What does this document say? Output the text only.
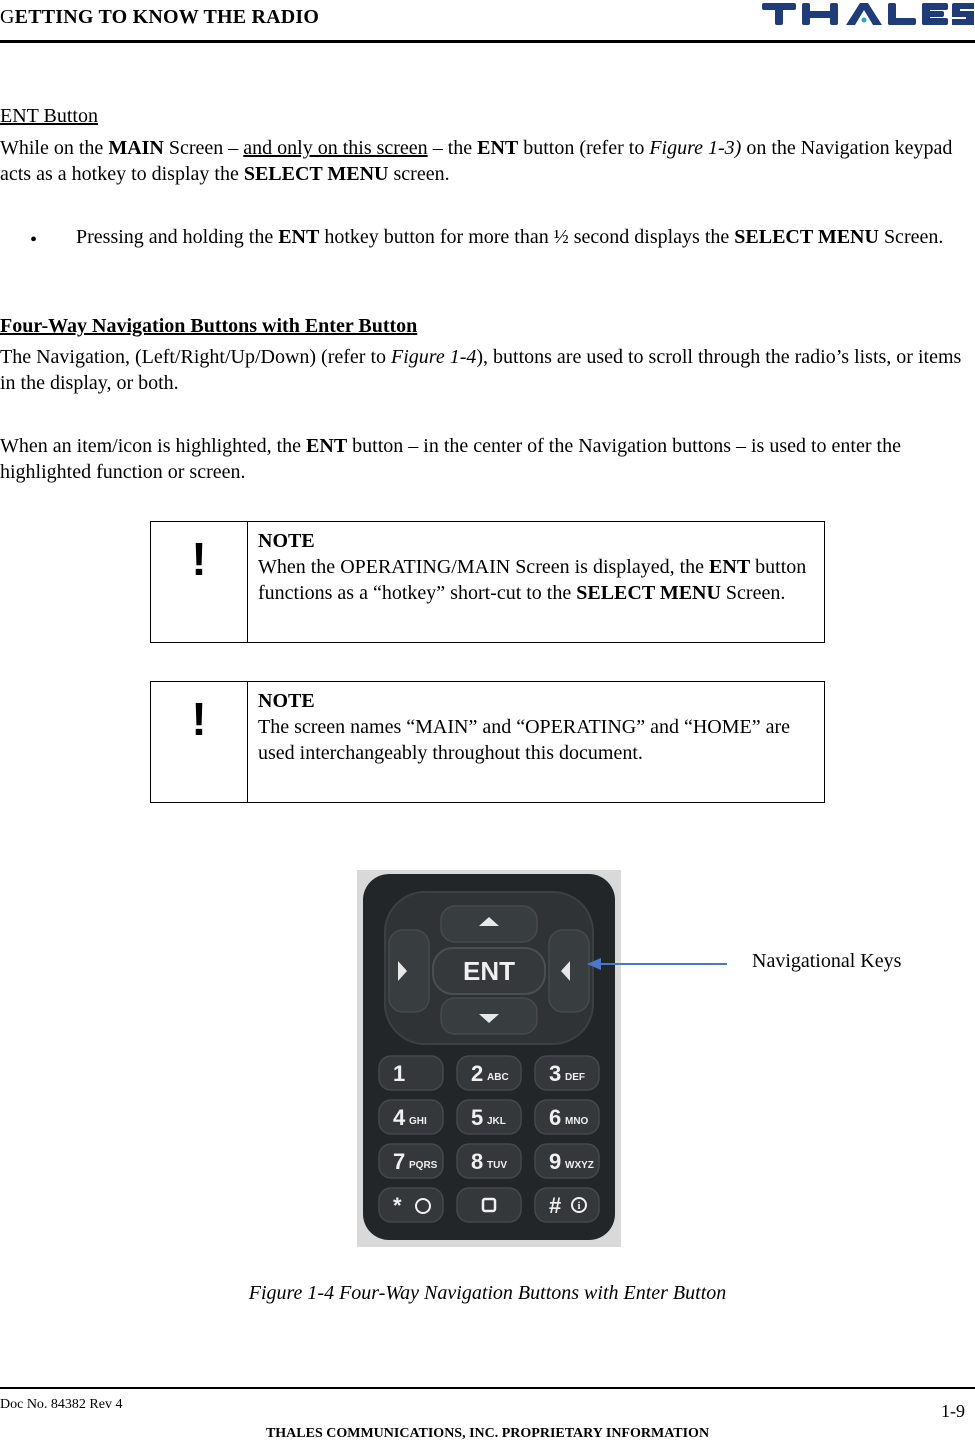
GETTING TO KNOW THE RADIO
ENT Button
While on the MAIN Screen – and only on this screen – the ENT button (refer to Figure 1-3) on the Navigation keypad acts as a hotkey to display the SELECT MENU screen.
• Pressing and holding the ENT hotkey button for more than ½ second displays the SELECT MENU Screen.
Four-Way Navigation Buttons with Enter Button
The Navigation, (Left/Right/Up/Down) (refer to Figure 1-4), buttons are used to scroll through the radio’s lists, or items in the display, or both.
When an item/icon is highlighted, the ENT button – in the center of the Navigation buttons – is used to enter the highlighted function or screen.
!	NOTE
When the OPERATING/MAIN Screen is displayed, the ENT button functions as a “hotkey” short-cut to the SELECT MENU Screen.
!	NOTE
The screen names “MAIN” and “OPERATING” and “HOME” are used interchangeably throughout this document.
ENT
1	2 ABC 3 DEF
4 GHI 5 JKL 6 MNO
7 PQRS 8 TUV 9 WXYZ
*	# i
Navigational Keys
Figure 1-4 Four-Way Navigation Buttons with Enter Button
Doc No. 84382 Rev 4	1-9
THALES COMMUNICATIONS, INC. PROPRIETARY INFORMATION
